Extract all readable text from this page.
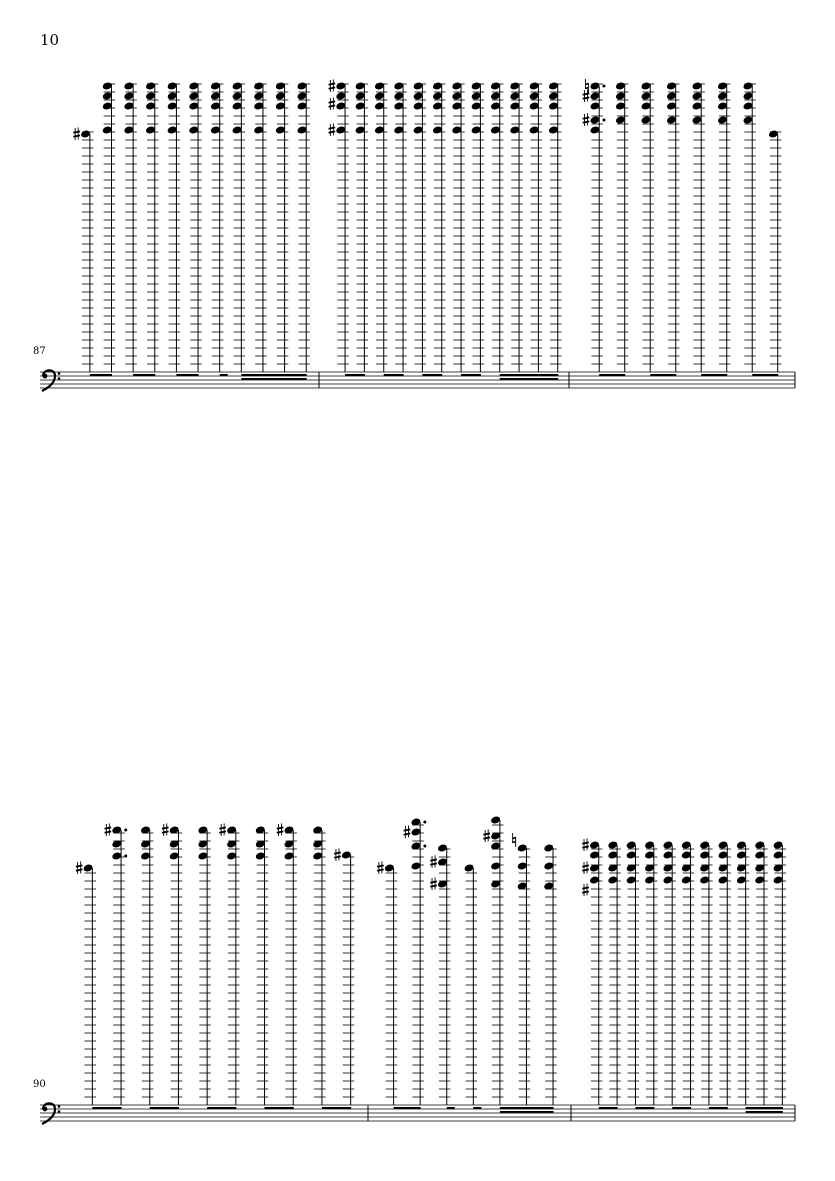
10
87
90
